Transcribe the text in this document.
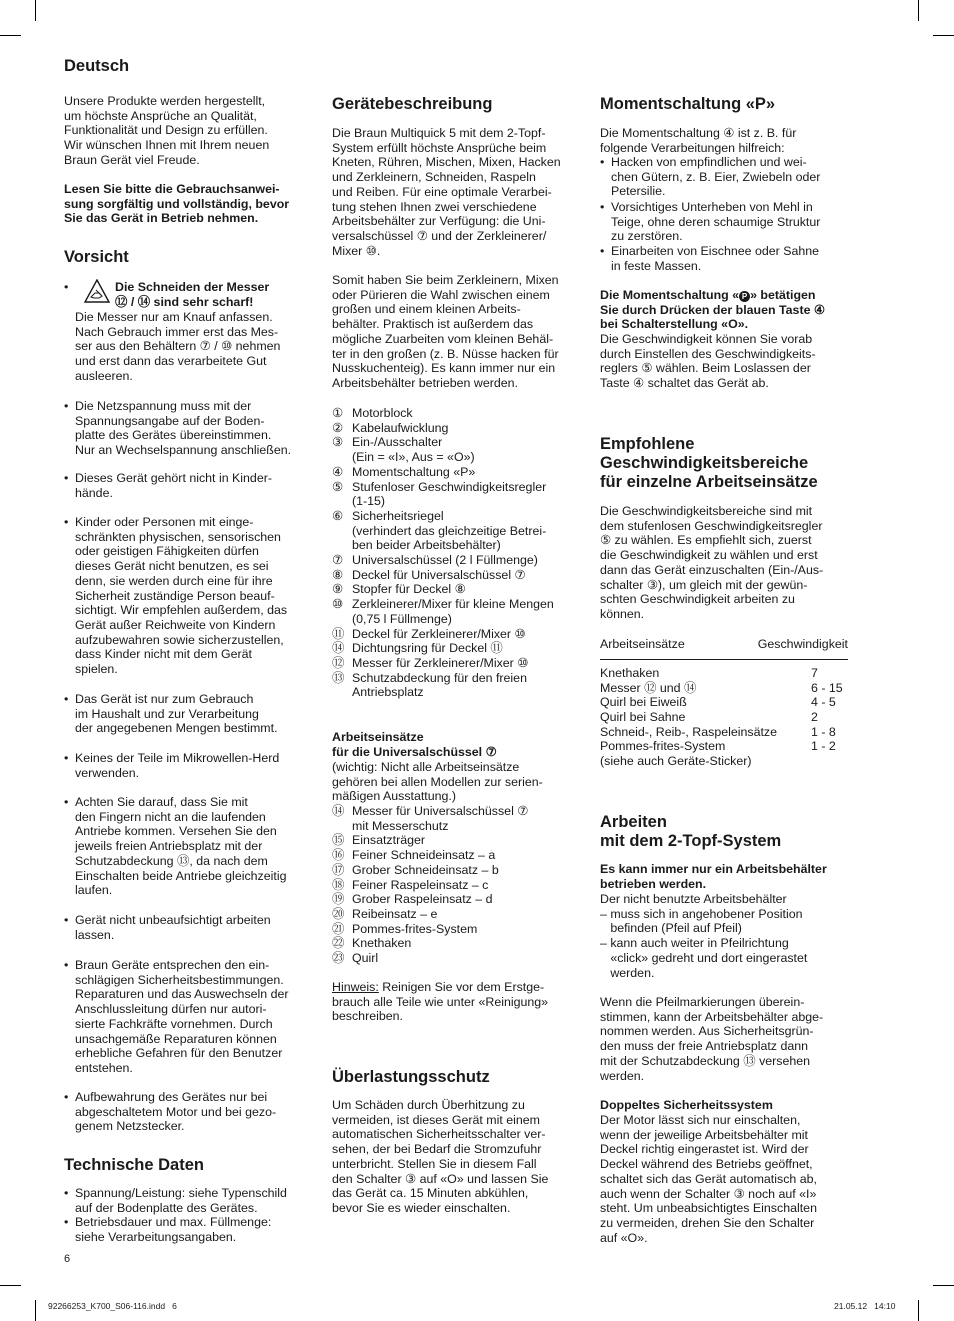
Deutsch
Unsere Produkte werden hergestellt,
um höchste Ansprüche an Qualität,
Funktionalität und Design zu erfüllen.
Wir wünschen Ihnen mit Ihrem neuen
Braun Gerät viel Freude.
Lesen Sie bitte die Gebrauchsanwei-
sung sorgfältig und vollständig, bevor
Sie das Gerät in Betrieb nehmen.
Vorsicht
•	Die Schneiden der Messer
⑫ / ⑭ sind sehr scharf!
Die Messer nur am Knauf anfassen.
Nach Gebrauch immer erst das Mes-
ser aus den Behältern ⑦ / ⑩ nehmen
und erst dann das verarbeitete Gut
ausleeren.
• Die Netzspannung muss mit der
Spannungsangabe auf der Boden-
platte des Gerätes übereinstimmen.
Nur an Wechselspannung anschließen.
• Dieses Gerät gehört nicht in Kinder-
hände.
• Kinder oder Personen mit einge-
schränkten physischen, sensorischen
oder geistigen Fähigkeiten dürfen
dieses Gerät nicht benutzen, es sei
denn, sie werden durch eine für ihre
Sicherheit zuständige Person beauf-
sichtigt. Wir empfehlen außerdem, das
Gerät außer Reichweite von Kindern
aufzubewahren sowie sicherzustellen,
dass Kinder nicht mit dem Gerät
spielen.
• Das Gerät ist nur zum Gebrauch
im Haushalt und zur Verarbeitung
der angegebenen Mengen bestimmt.
• Keines der Teile im Mikrowellen-Herd
verwenden.
• Achten Sie darauf, dass Sie mit
den Fingern nicht an die laufenden
Antriebe kommen. Versehen Sie den
jeweils freien Antriebsplatz mit der
Schutzabdeckung ⑬, da nach dem
Einschalten beide Antriebe gleichzeitig
laufen.
• Gerät nicht unbeaufsichtigt arbeiten
lassen.
• Braun Geräte entsprechen den ein-
schlägigen Sicherheitsbestimmungen.
Reparaturen und das Auswechseln der
Anschlussleitung dürfen nur autori-
sierte Fachkräfte vornehmen. Durch
unsachgemäße Reparaturen können
erhebliche Gefahren für den Benutzer
entstehen.
• Aufbewahrung des Gerätes nur bei
abgeschaltetem Motor und bei gezo-
genem Netzstecker.
Technische Daten
• Spannung/Leistung: siehe Typenschild
auf der Bodenplatte des Gerätes.
• Betriebsdauer und max. Füllmenge:
siehe Verarbeitungsangaben.
6
Gerätebeschreibung
Die Braun Multiquick 5 mit dem 2-Topf-
System erfüllt höchste Ansprüche beim
Kneten, Rühren, Mischen, Mixen, Hacken
und Zerkleinern, Schneiden, Raspeln
und Reiben. Für eine optimale Verarbei-
tung stehen Ihnen zwei verschiedene
Arbeitsbehälter zur Verfügung: die Uni-
versalschüssel ⑦ und der Zerkleinerer/
Mixer ⑩.
Somit haben Sie beim Zerkleinern, Mixen
oder Pürieren die Wahl zwischen einem
großen und einem kleinen Arbeits-
behälter. Praktisch ist außerdem das
mögliche Zuarbeiten vom kleinen Behäl-
ter in den großen (z. B. Nüsse hacken für
Nusskuchenteig). Es kann immer nur ein
Arbeitsbehälter betrieben werden.
① Motorblock
② Kabelaufwicklung
③ Ein-/Ausschalter
(Ein = «I», Aus = «O»)
④ Momentschaltung «P»
⑤ Stufenloser Geschwindigkeitsregler
(1-15)
⑥ Sicherheitsriegel
(verhindert das gleichzeitige Betrei-
ben beider Arbeitsbehälter)
⑦ Universalschüssel (2 l Füllmenge)
⑧ Deckel für Universalschüssel ⑦
⑨ Stopfer für Deckel ⑧
⑩ Zerkleinerer/Mixer für kleine Mengen
(0,75 l Füllmenge)
⑪ Deckel für Zerkleinerer/Mixer ⑩
⑭ Dichtungsring für Deckel ⑪
⑫ Messer für Zerkleinerer/Mixer ⑩
⑬ Schutzabdeckung für den freien
Antriebsplatz
Arbeitseinsätze
für die Universalschüssel ⑦
(wichtig: Nicht alle Arbeitseinsätze
gehören bei allen Modellen zur serien-
mäßigen Ausstattung.)
⑭ Messer für Universalschüssel ⑦
mit Messerschutz
⑮ Einsatzträger
⑯ Feiner Schneideinsatz – a
⑰ Grober Schneideinsatz – b
⑱ Feiner Raspeleinsatz – c
⑲ Grober Raspeleinsatz – d
⑳ Reibeinsatz – e
㉑ Pommes-frites-System
㉒ Knethaken
㉓ Quirl
Hinweis: Reinigen Sie vor dem Erstge-
brauch alle Teile wie unter «Reinigung»
beschreiben.
Überlastungsschutz
Um Schäden durch Überhitzung zu
vermeiden, ist dieses Gerät mit einem
automatischen Sicherheitsschalter ver-
sehen, der bei Bedarf die Stromzufuhr
unterbricht. Stellen Sie in diesem Fall
den Schalter ③ auf «O» und lassen Sie
das Gerät ca. 15 Minuten abkühlen,
bevor Sie es wieder einschalten.
Momentschaltung «P»
Die Momentschaltung ④ ist z. B. für
folgende Verarbeitungen hilfreich:
• Hacken von empfindlichen und wei-
chen Gütern, z. B. Eier, Zwiebeln oder
Petersilie.
• Vorsichtiges Unterheben von Mehl in
Teige, ohne deren schaumige Struktur
zu zerstören.
• Einarbeiten von Eischnee oder Sahne
in feste Massen.
Die Momentschaltung « P » betätigen
Sie durch Drücken der blauen Taste ④
bei Schalterstellung «O».
Die Geschwindigkeit können Sie vorab
durch Einstellen des Geschwindigkeits-
reglers ⑤ wählen. Beim Loslassen der
Taste ④ schaltet das Gerät ab.
Empfohlene
Geschwindigkeitsbereiche
für einzelne Arbeitseinsätze
Die Geschwindigkeitsbereiche sind mit
dem stufenlosen Geschwindigkeitsregler
⑤ zu wählen. Es empfiehlt sich, zuerst
die Geschwindigkeit zu wählen und erst
dann das Gerät einzuschalten (Ein-/Aus-
schalter ③), um gleich mit der gewün-
schten Geschwindigkeit arbeiten zu
können.
Arbeitseinsätze	Geschwindigkeit
Knethaken	7
Messer ⑫ und ⑭	6 - 15
Quirl bei Eiweiß	4 - 5
Quirl bei Sahne	2
Schneid-, Reib-, Raspeleinsätze	1 - 8
Pommes-frites-System	1 - 2
(siehe auch Geräte-Sticker)
Arbeiten
mit dem 2-Topf-System
Es kann immer nur ein Arbeitsbehälter
betrieben werden.
Der nicht benutzte Arbeitsbehälter
– muss sich in angehobener Position
befinden (Pfeil auf Pfeil)
– kann auch weiter in Pfeilrichtung
«click» gedreht und dort eingerastet
werden.
Wenn die Pfeilmarkierungen überein-
stimmen, kann der Arbeitsbehälter abge-
nommen werden. Aus Sicherheitsgrün-
den muss der freie Antriebsplatz dann
mit der Schutzabdeckung ⑬ versehen
werden.
Doppeltes Sicherheitssystem
Der Motor lässt sich nur einschalten,
wenn der jeweilige Arbeitsbehälter mit
Deckel richtig eingerastet ist. Wird der
Deckel während des Betriebs geöffnet,
schaltet sich das Gerät automatisch ab,
auch wenn der Schalter ③ noch auf «I»
steht. Um unbeabsichtigtes Einschalten
zu vermeiden, drehen Sie den Schalter
auf «O».
92266253_K700_S06-116.indd   6	21.05.12   14:10
